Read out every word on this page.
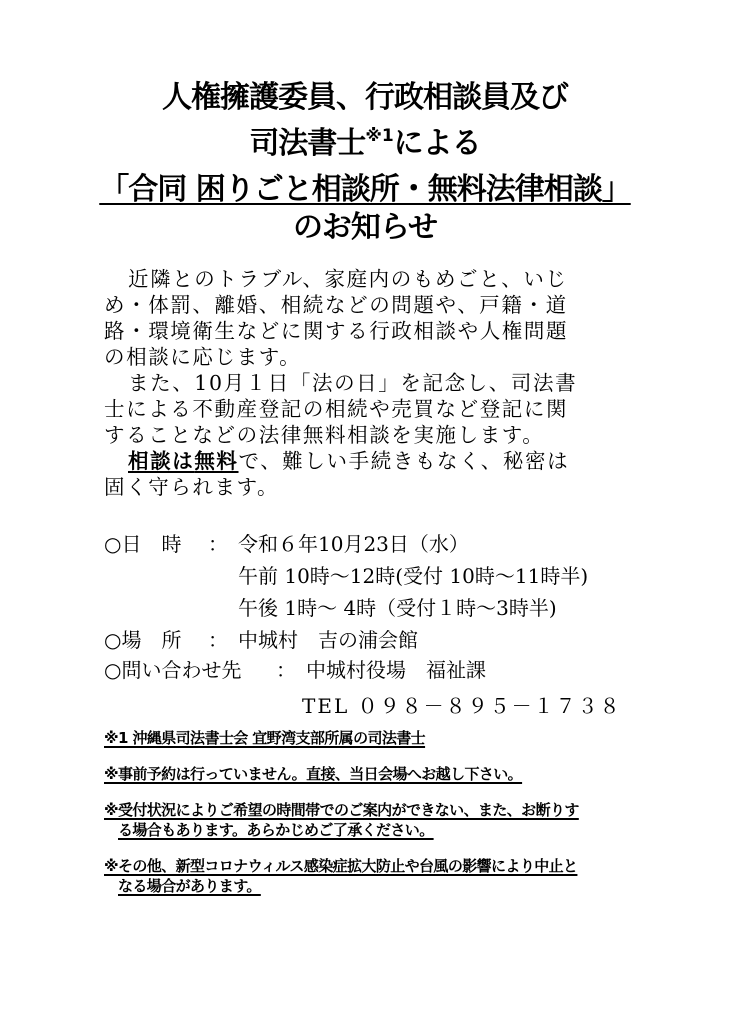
人権擁護委員、行政相談員及び
司法書士$^{※1}$による
「合同 困りごと相談所・無料法律相談」
のお知らせ
近隣とのトラブル、家庭内のもめごと、いじ
め・体罰、離婚、相続などの問題や、戸籍・道
路・環境衛生などに関する行政相談や人権問題
の相談に応じます。
また、10月１日「法の日」を記念し、司法書
士による不動産登記の相続や売買など登記に関
することなどの法律無料相談を実施します。
相談は無料で、難しい手続きもなく、秘密は
固く守られます。
○日　時 ： 令和６年10月23日（水）
午前 10時～12時(受付 10時～11時半)
午後 1時～ 4時（受付１時～3時半)
○場　所 ： 中城村　吉の浦会館
○問い合わせ先 ： 中城村役場　福祉課
TEL ０９８－８９５－１７３８
※1 沖縄県司法書士会 宜野湾支部所属の司法書士
※事前予約は行っていません。直接、当日会場へお越し下さい。
※受付状況によりご希望の時間帯でのご案内ができない、また、お断りす
る場合もあります。あらかじめご了承ください。
※その他、新型コロナウィルス感染症拡大防止や台風の影響により中止と
なる場合があります。
